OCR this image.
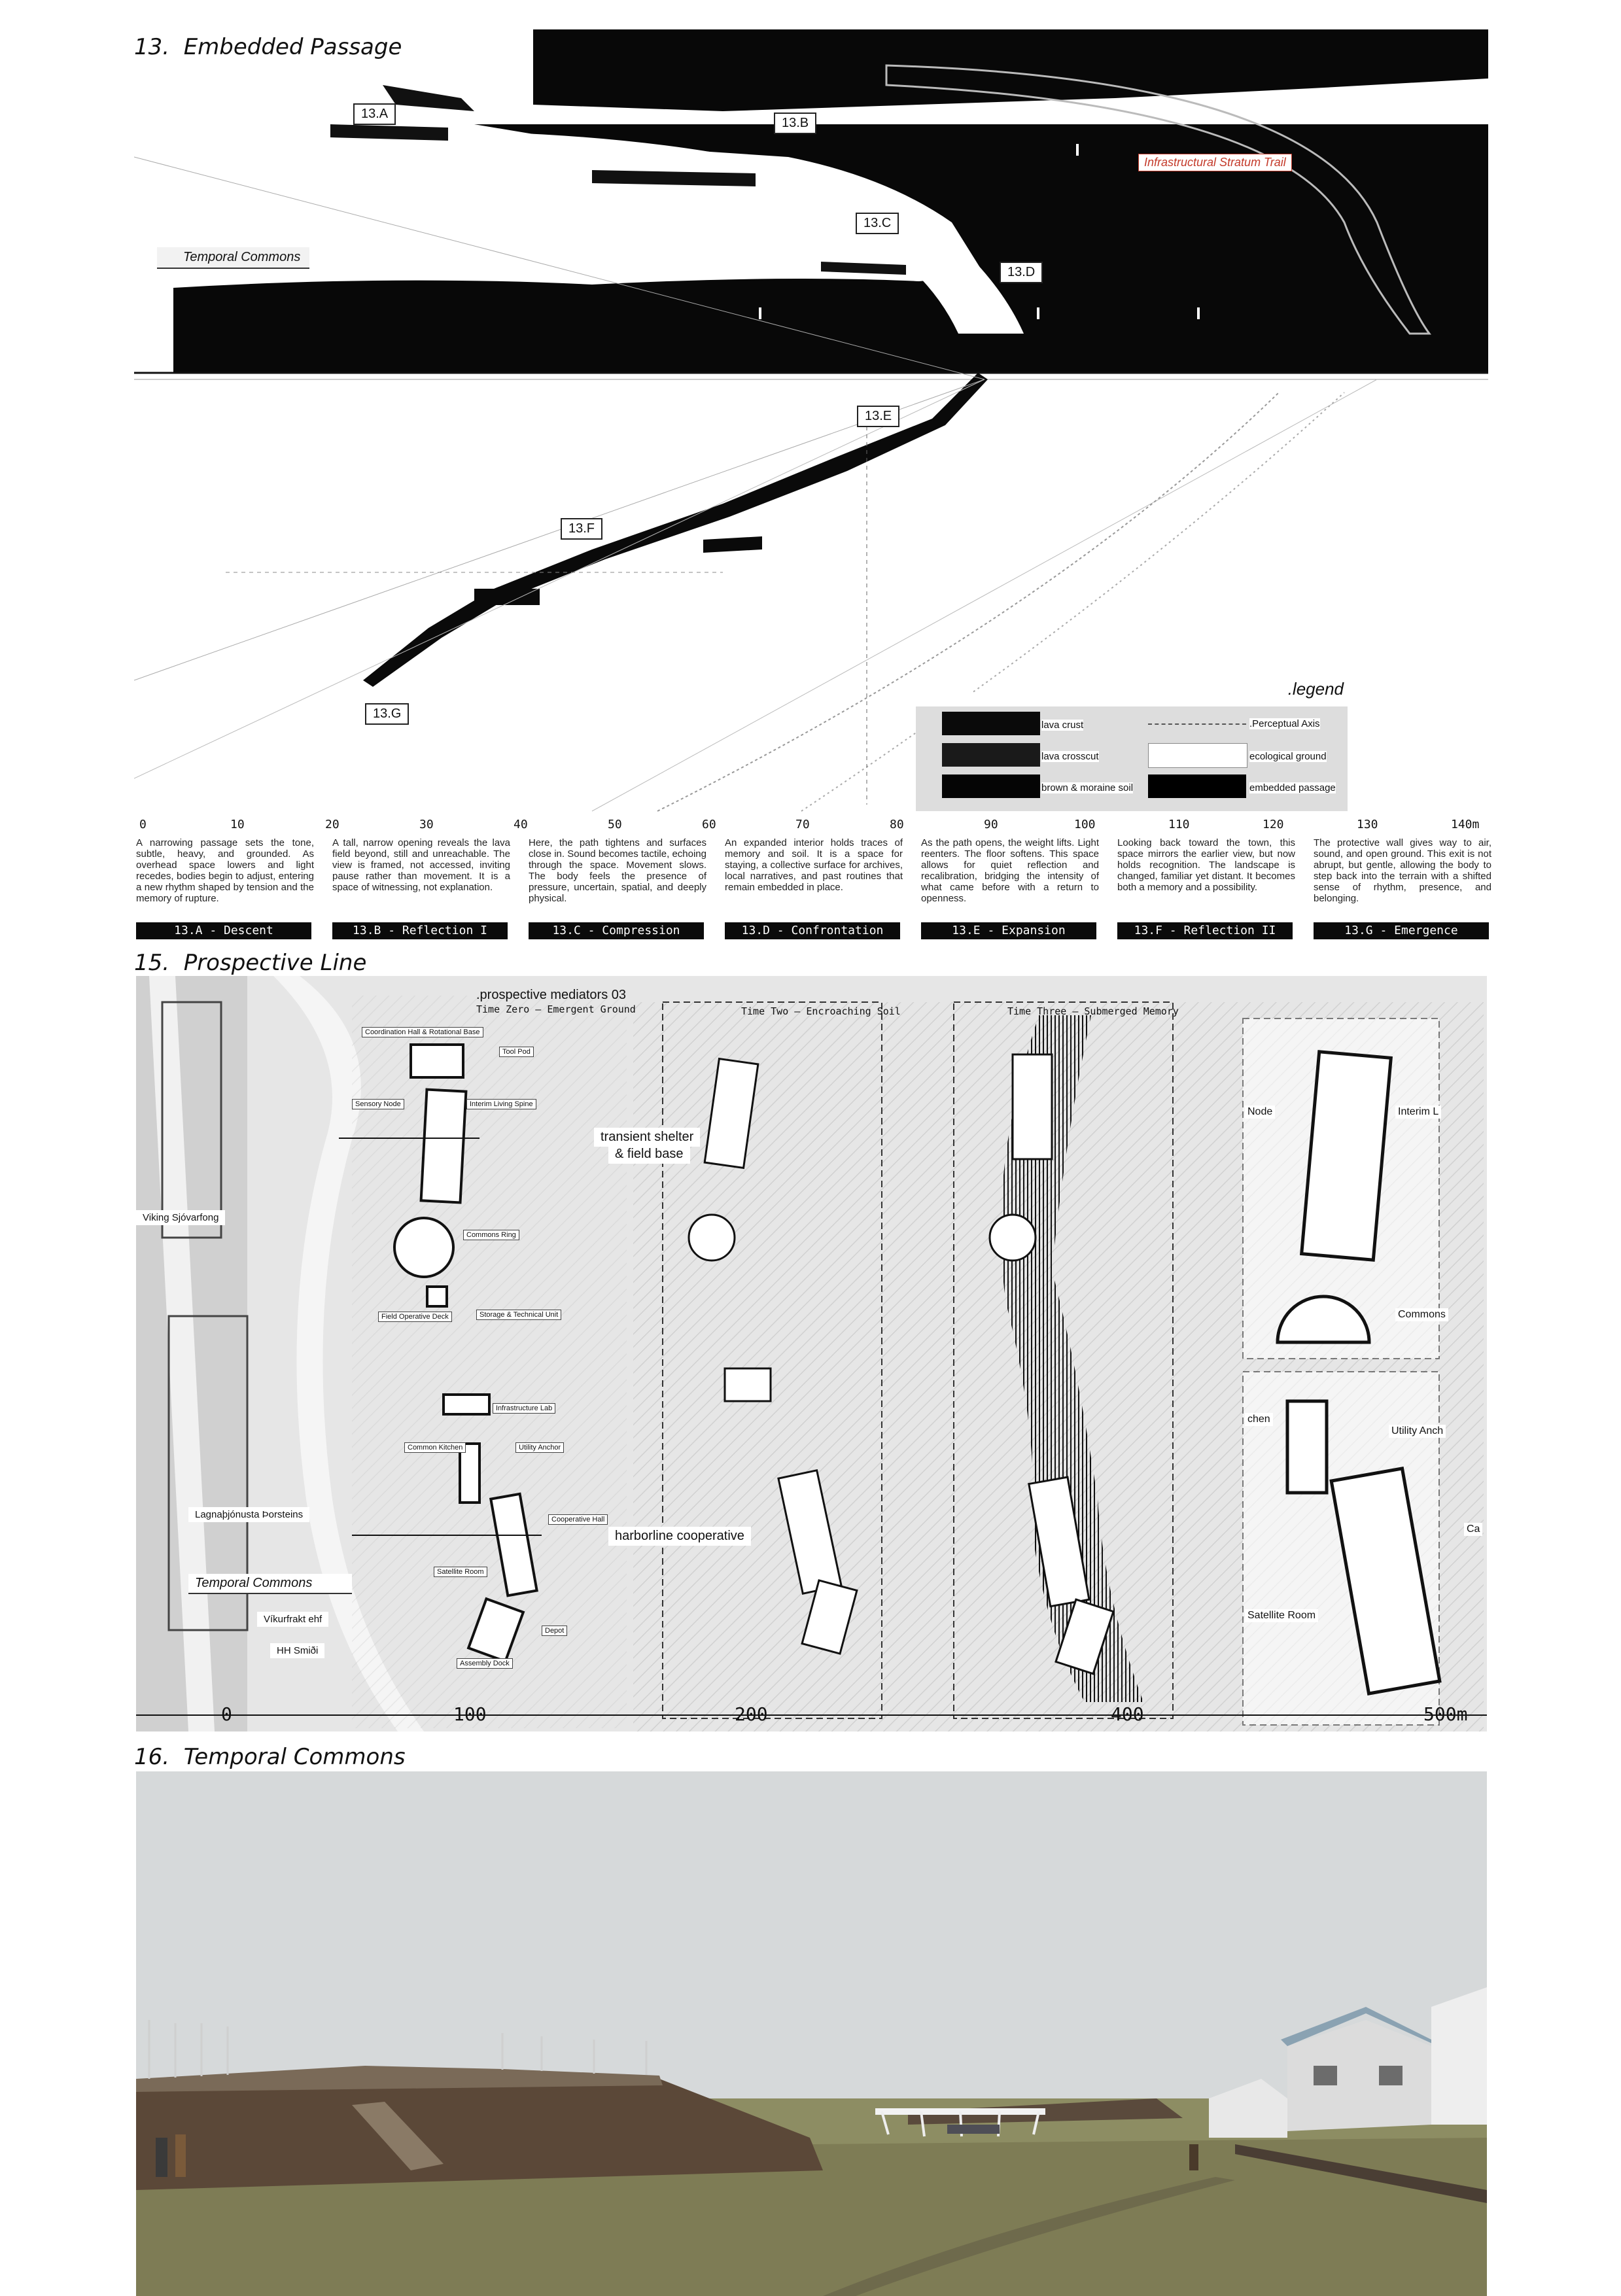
13. Embedded Passage
13.A
13.B
13.C
13.D
13.E
13.F
13.G
Infrastructural Stratum Trail
Temporal Commons
.legend
lava crust
lava crosscut
brown & moraine soil
.Perceptual Axis
ecological ground
embedded passage
0	10	20	30	40	50	60	70	80	90	100	110	120	130	140m
A narrowing passage sets the tone, subtle, heavy, and grounded. As overhead space lowers and light recedes, bodies begin to adjust, entering a new rhythm shaped by tension and the memory of rupture.
A tall, narrow opening reveals the lava field beyond, still and unreachable. The view is framed, not accessed, inviting pause rather than movement. It is a space of witnessing, not explanation.
Here, the path tightens and surfaces close in. Sound becomes tactile, echoing through the space. Movement slows. The body feels the presence of pressure, uncertain, spatial, and deeply physical.
An expanded interior holds traces of memory and soil. It is a space for staying, a collective surface for archives, local narratives, and past routines that remain embedded in place.
As the path opens, the weight lifts. Light reenters. The floor softens. This space allows for quiet reflection and recalibration, bridging the intensity of what came before with a return to openness.
Looking back toward the town, this space mirrors the earlier view, but now holds recognition. The landscape is changed, familiar yet distant. It becomes both a memory and a possibility.
The protective wall gives way to air, sound, and open ground. This exit is not abrupt, but gentle, allowing the body to step back into the terrain with a shifted sense of rhythm, presence, and belonging.
13.A - Descent	13.B - Reflection I	13.C - Compression	13.D - Confrontation	13.E - Expansion	13.F - Reflection II	13.G - Emergence
15. Prospective Line
.prospective mediators 03
Time Zero – Emergent Ground	Time Two – Encroaching Soil	Time Three – Submerged Memory
Coordination Hall & Rotational Base
Tool Pod
Sensory Node	Interim Living Spine
Commons Ring
Field Operative Deck	Storage & Technical Unit
Infrastructure Lab
Common Kitchen	Utility Anchor
Cooperative Hall
Satellite Room
Depot
Assembly Dock
transient shelter
& field base
harborline cooperative
Temporal Commons
Viking Sjóvarfong
Lagnaþjónusta Þorsteins
Víkurfrakt ehf
HH Smiði
Node	Interim L
Commons
chen
Utility Anch
Ca
Satellite Room
0	100	200	400	500m
16. Temporal Commons
